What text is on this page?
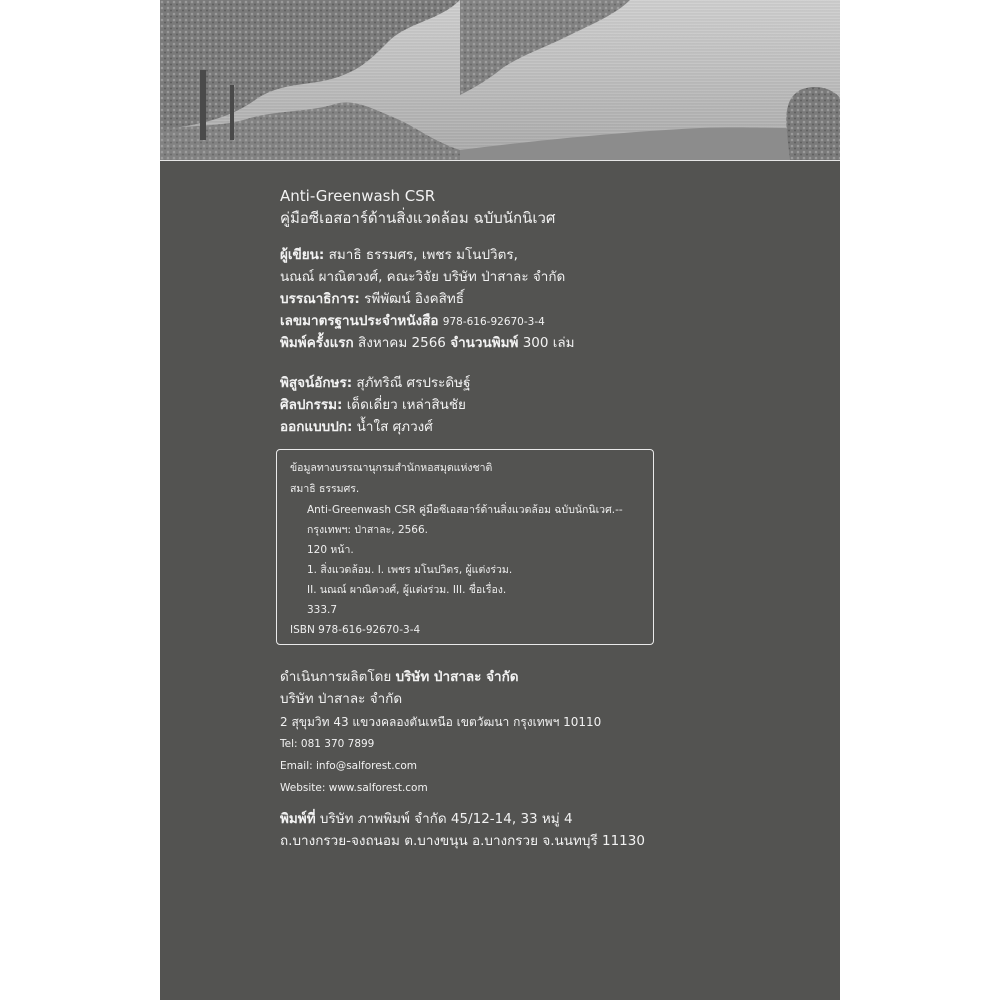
Anti-Greenwash CSR
คู่มือซีเอสอาร์ด้านสิ่งแวดล้อม ฉบับนักนิเวศ
ผู้เขียน: สมาธิ ธรรมศร, เพชร มโนปวิตร,
นณณ์ ผาณิตวงศ์, คณะวิจัย บริษัท ป่าสาละ จำกัด
บรรณาธิการ: รพีพัฒน์ อิงคสิทธิ์
เลขมาตรฐานประจำหนังสือ 978-616-92670-3-4
พิมพ์ครั้งแรก สิงหาคม 2566 จำนวนพิมพ์ 300 เล่ม
พิสูจน์อักษร: สุภัทริณี ศรประดิษฐ์
ศิลปกรรม: เด็ดเดี่ยว เหล่าสินชัย
ออกแบบปก: น้ำใส ศุภวงศ์
ข้อมูลทางบรรณานุกรมสำนักหอสมุดแห่งชาติ
สมาธิ ธรรมศร.
Anti-Greenwash CSR คู่มือซีเอสอาร์ด้านสิ่งแวดล้อม ฉบับนักนิเวศ.--
กรุงเทพฯ: ป่าสาละ, 2566.
120 หน้า.
1. สิ่งแวดล้อม. I. เพชร มโนปวิตร, ผู้แต่งร่วม.
II. นณณ์ ผาณิตวงศ์, ผู้แต่งร่วม. III. ชื่อเรื่อง.
333.7
ISBN 978-616-92670-3-4
ดำเนินการผลิตโดย บริษัท ป่าสาละ จำกัด
บริษัท ป่าสาละ จำกัด
2 สุขุมวิท 43 แขวงคลองตันเหนือ เขตวัฒนา กรุงเทพฯ 10110
Tel: 081 370 7899
Email: info@salforest.com
Website: www.salforest.com
พิมพ์ที่ บริษัท ภาพพิมพ์ จำกัด 45/12-14, 33 หมู่ 4
ถ.บางกรวย-จงถนอม ต.บางขนุน อ.บางกรวย จ.นนทบุรี 11130
